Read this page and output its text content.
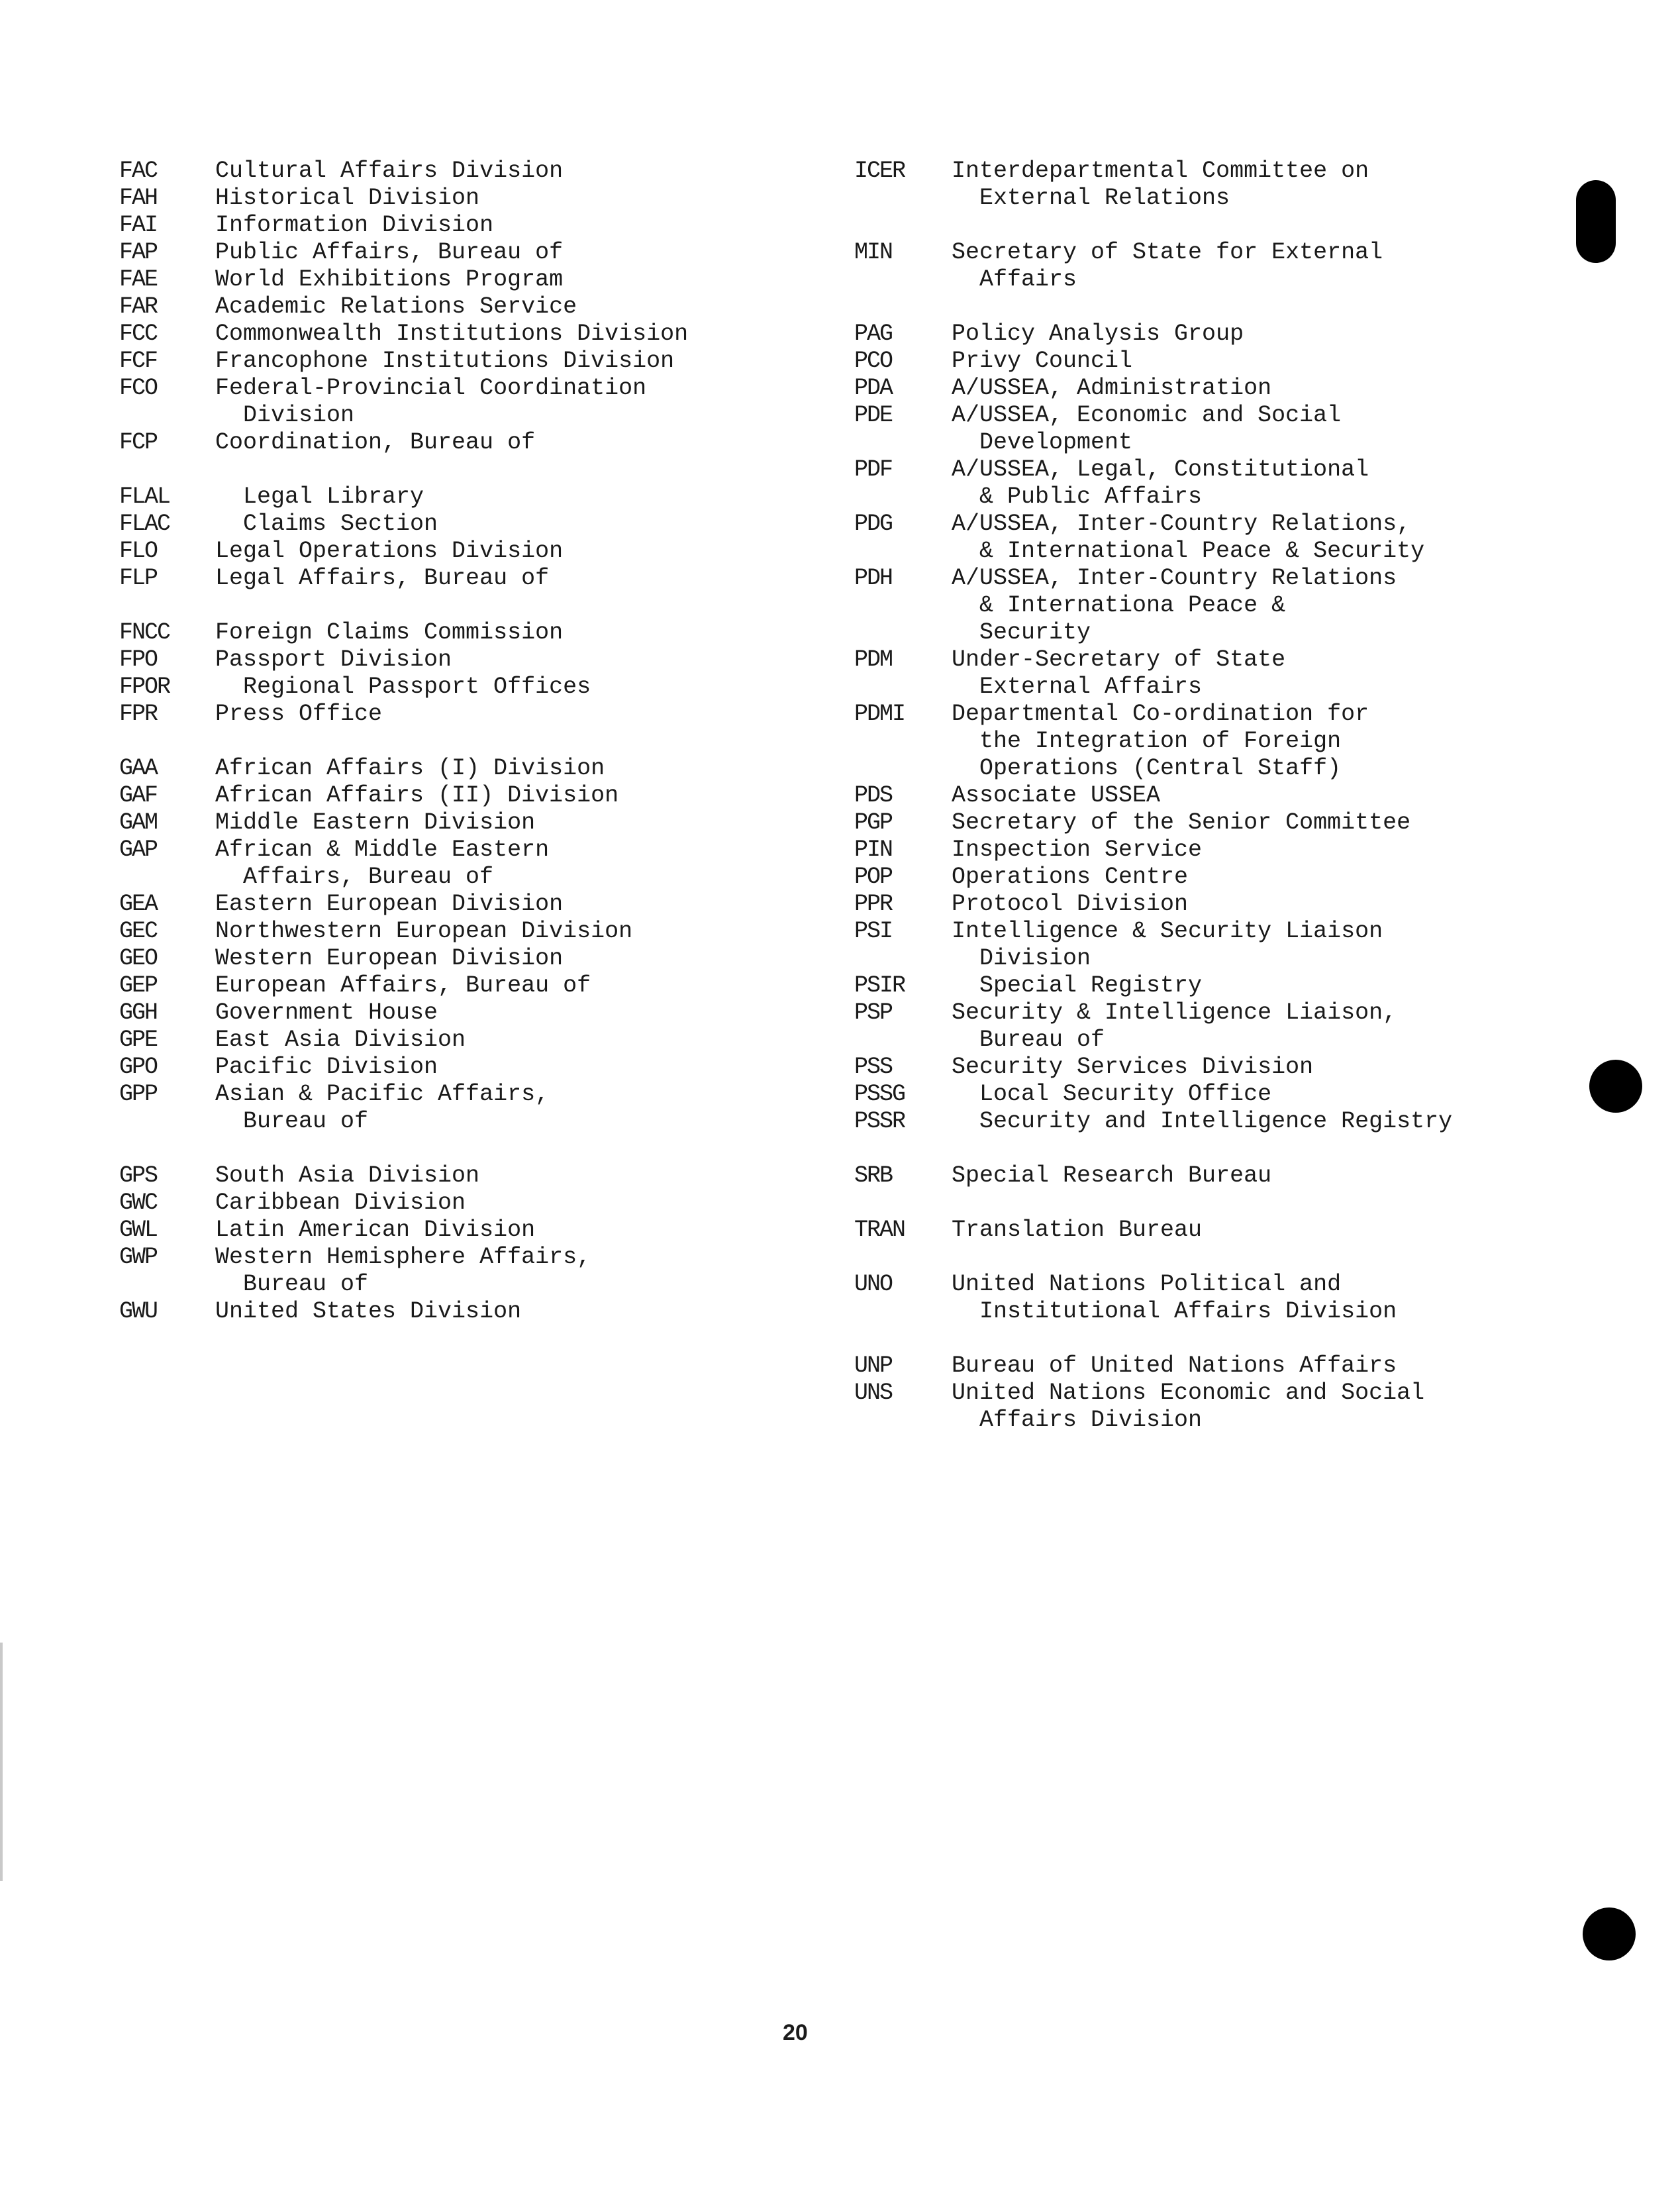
FAC	Cultural Affairs Division
FAH	Historical Division
FAI	Information Division
FAP	Public Affairs, Bureau of
FAE	World Exhibitions Program
FAR	Academic Relations Service
FCC	Commonwealth Institutions Division
FCF	Francophone Institutions Division
FCO	Federal-Provincial Coordination
Division
FCP	Coordination, Bureau of
FLAL	Legal Library
FLAC	Claims Section
FLO	Legal Operations Division
FLP	Legal Affairs, Bureau of
FNCC	Foreign Claims Commission
FPO	Passport Division
FPOR	Regional Passport Offices
FPR	Press Office
GAA	African Affairs (I) Division
GAF	African Affairs (II) Division
GAM	Middle Eastern Division
GAP	African & Middle Eastern
Affairs, Bureau of
GEA	Eastern European Division
GEC	Northwestern European Division
GEO	Western European Division
GEP	European Affairs, Bureau of
GGH	Government House
GPE	East Asia Division
GPO	Pacific Division
GPP	Asian & Pacific Affairs,
Bureau of
GPS	South Asia Division
GWC	Caribbean Division
GWL	Latin American Division
GWP	Western Hemisphere Affairs,
Bureau of
GWU	United States Division
ICER	Interdepartmental Committee on
External Relations
MIN	Secretary of State for External
Affairs
PAG	Policy Analysis Group
PCO	Privy Council
PDA	A/USSEA, Administration
PDE	A/USSEA, Economic and Social
Development
PDF	A/USSEA, Legal, Constitutional
& Public Affairs
PDG	A/USSEA, Inter-Country Relations,
& International Peace & Security
PDH	A/USSEA, Inter-Country Relations
& Internationa Peace &
Security
PDM	Under-Secretary of State
External Affairs
PDMI	Departmental Co-ordination for
the Integration of Foreign
Operations (Central Staff)
PDS	Associate USSEA
PGP	Secretary of the Senior Committee
PIN	Inspection Service
POP	Operations Centre
PPR	Protocol Division
PSI	Intelligence & Security Liaison
Division
PSIR	Special Registry
PSP	Security & Intelligence Liaison,
Bureau of
PSS	Security Services Division
PSSG	Local Security Office
PSSR	Security and Intelligence Registry
SRB	Special Research Bureau
TRAN	Translation Bureau
UNO	United Nations Political and
Institutional Affairs Division
UNP	Bureau of United Nations Affairs
UNS	United Nations Economic and Social
Affairs Division
20
